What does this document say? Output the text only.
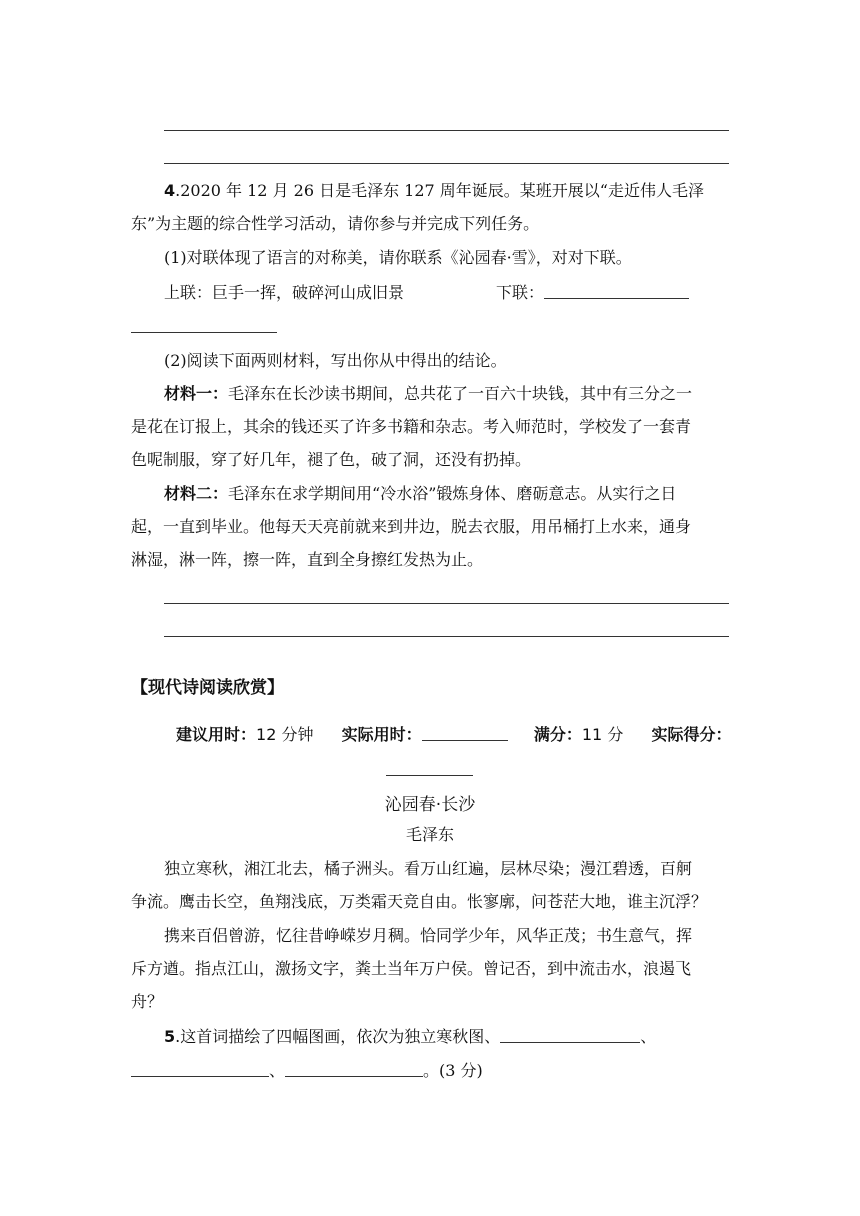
4.2020 年 12 月 26 日是毛泽东 127 周年诞辰。某班开展以“走近伟人毛泽
东”为主题的综合性学习活动，请你参与并完成下列任务。
(1)对联体现了语言的对称美，请你联系《沁园春·雪》，对对下联。
上联：巨手一挥，破碎河山成旧景	下联：
(2)阅读下面两则材料，写出你从中得出的结论。
材料一：毛泽东在长沙读书期间，总共花了一百六十块钱，其中有三分之一
是花在订报上，其余的钱还买了许多书籍和杂志。考入师范时，学校发了一套青
色呢制服，穿了好几年，褪了色，破了洞，还没有扔掉。
材料二：毛泽东在求学期间用“冷水浴”锻炼身体、磨砺意志。从实行之日
起，一直到毕业。他每天天亮前就来到井边，脱去衣服，用吊桶打上水来，通身
淋湿，淋一阵，擦一阵，直到全身擦红发热为止。
【现代诗阅读欣赏】
建议用时：12 分钟 实际用时：	满分：11 分 实际得分：
沁园春·长沙
毛泽东
独立寒秋，湘江北去，橘子洲头。看万山红遍，层林尽染；漫江碧透，百舸
争流。鹰击长空，鱼翔浅底，万类霜天竞自由。怅寥廓，问苍茫大地，谁主沉浮？
携来百侣曾游，忆往昔峥嵘岁月稠。恰同学少年，风华正茂；书生意气，挥
斥方遒。指点江山，激扬文字，粪土当年万户侯。曾记否，到中流击水，浪遏飞
舟？
5.这首词描绘了四幅图画，依次为独立寒秋图、	、
、	。(3 分)
